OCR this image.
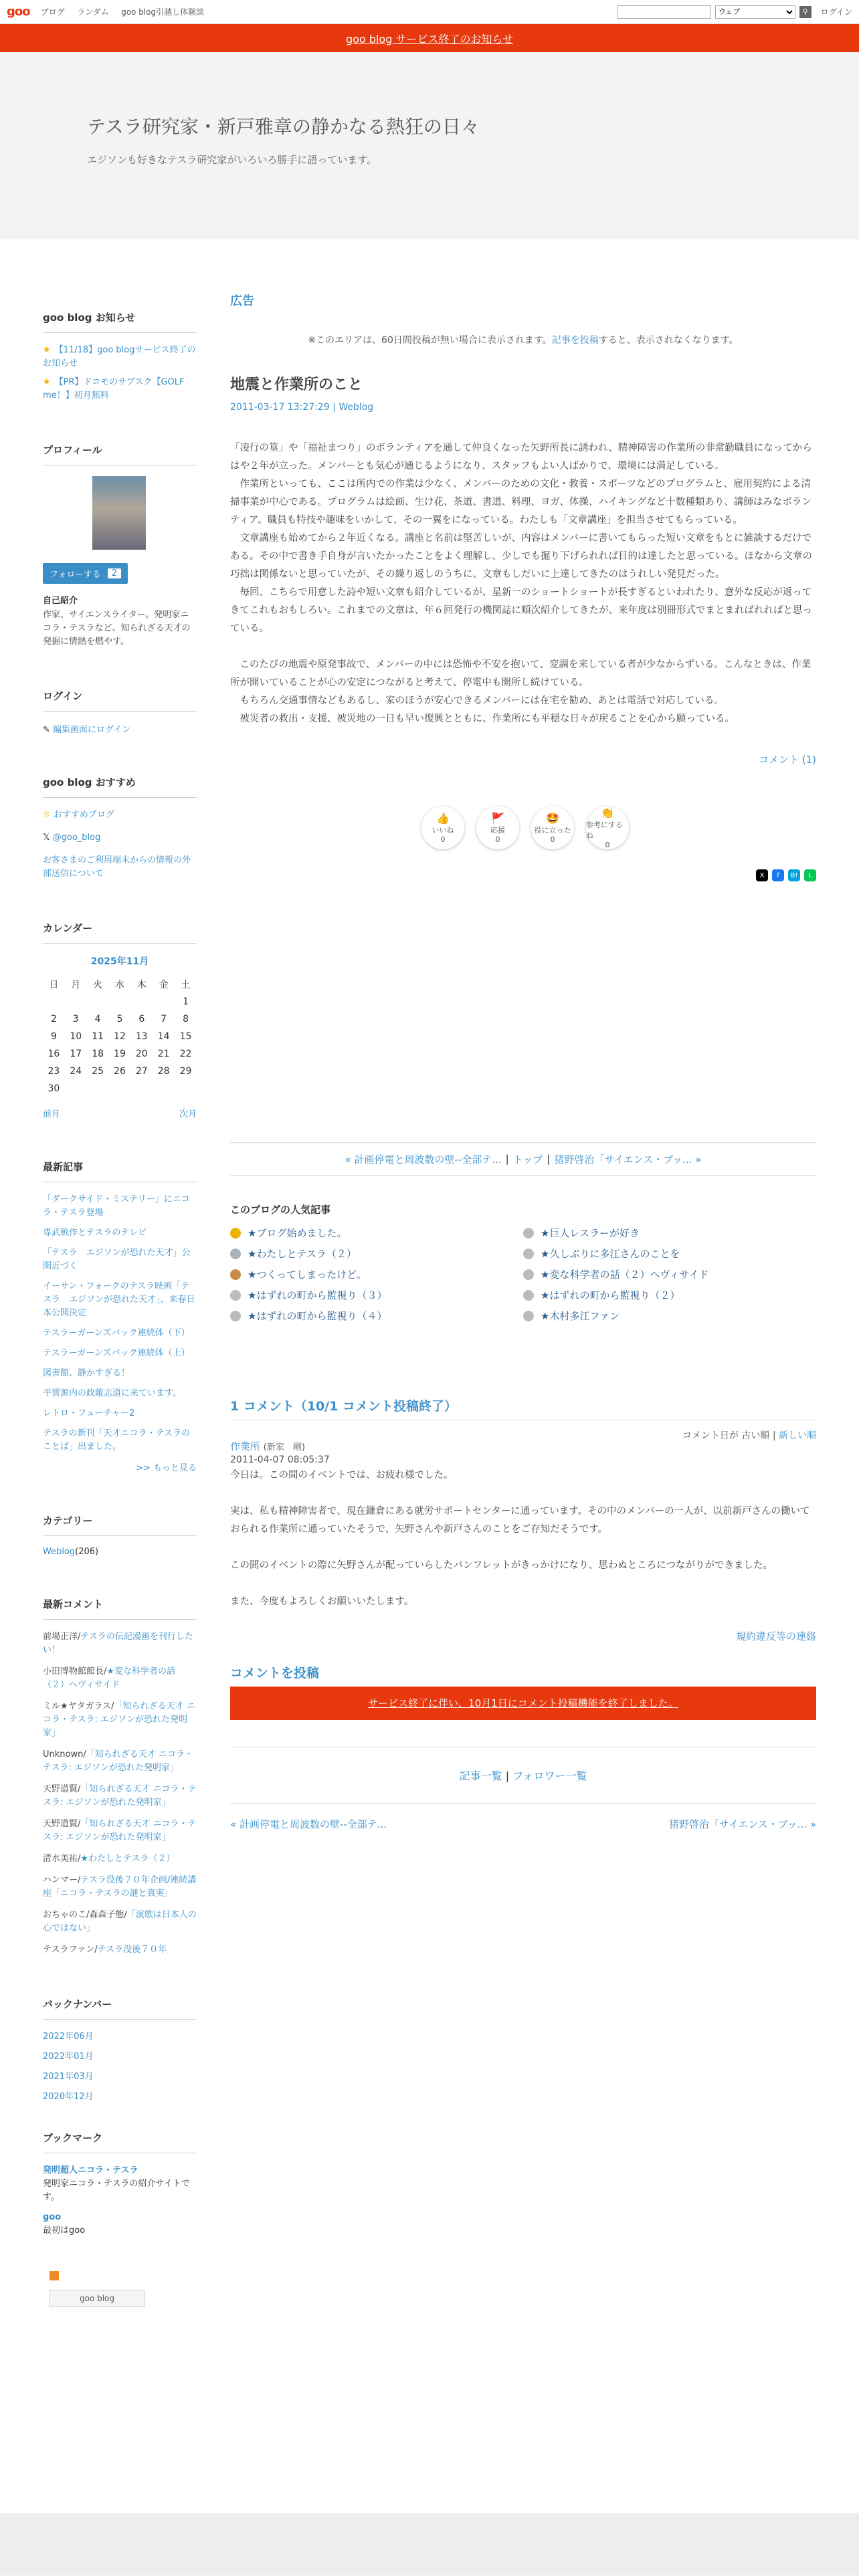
goo ブログ ランダム goo blog引越し体験談
ウェブ	⚲	ログイン
goo blog サービス終了のお知らせ
テスラ研究家・新戸雅章の静かなる熱狂の日々
エジソンも好きなテスラ研究家がいろいろ勝手に語っています。
goo blog お知らせ
★ 【11/18】goo blogサービス終了のお知らせ
★ 【PR】ドコモのサブスク【GOLF me！】初月無料
プロフィール
フォローする	2
自己紹介
作家、サイエンスライター。発明家ニコラ・テスラなど、知られざる天才の発掘に情熱を燃やす。
ログイン
✎ 編集画面にログイン
goo blog おすすめ
☼ おすすめブログ
𝕏 @goo_blog
お客さまのご利用端末からの情報の外部送信について
カレンダー
2025年11月
日	月	火	水	木	金	土
						1
2	3	4	5	6	7	8
9	10	11	12	13	14	15
16	17	18	19	20	21	22
23	24	25	26	27	28	29
30						
前月	次月
最新記事
「ダークサイド・ミステリー」にニコラ・テスラ登場
専武戦作とテスラのテレビ
「テスラ　エジソンが恐れた天才」公開近づく
イーサン・フォークのテスラ映画「テスラ　エジソンが恐れた天才」、来春日本公開決定
テスラーガーンズバック連続体（下）
テスラーガーンズバック連続体（上）
図書館、静かすぎる！
平賀源内の政敵志道に来ています。
レトロ・フューチャー2
テスラの新刊「天才ニコラ・テスラのことば」出ました。
>> もっと見る
カテゴリー
Weblog(206)
最新コメント
前場正洋/テスラの伝記漫画を刊行したい！
小田博物館館長/★変な科学者の話（２）ヘヴィサイド
ミル★ヤタガラス/「知られざる天才 ニコラ・テスラ: エジソンが恐れた発明家」
Unknown/「知られざる天才 ニコラ・テスラ: エジソンが恐れた発明家」
天野道賢/「知られざる天才 ニコラ・テスラ: エジソンが恐れた発明家」
天野道賢/「知られざる天才 ニコラ・テスラ: エジソンが恐れた発明家」
清水美祐/★わたしとテスラ（２）
ハンマー/テスラ没後７０年企画/連続講座「ニコラ・テスラの謎と真実」
おちゃのこ/森森子態/「演歌は日本人の心ではない」
テスラファン/テスラ没後７０年
バックナンバー
2022年06月
2022年01月
2021年03月
2020年12月
ブックマーク
発明超人ニコラ・テスラ
発明家ニコラ・テスラの紹介サイトです。
goo
最初はgoo
goo blog
広告
※このエリアは、60日間投稿が無い場合に表示されます。記事を投稿すると、表示されなくなります。
地震と作業所のこと
2011-03-17 13:27:29 | Weblog

「凌行の篁」や「福祉まつり」のボランティアを通して仲良くなった矢野所長に誘われ、精神障害の作業所の非常勤職員になってからはや２年が立った。メンバーとも気心が通じるようになり、スタッフもよい人ばかりで、環境には満足している。

　作業所といっても、ここは所内での作業は少なく、メンバーのための文化・教養・スポーツなどのプログラムと、雇用契約による清掃事業が中心である。プログラムは絵画、生け花、茶道、書道、料理、ヨガ、体操、ハイキングなど十数種類あり、講師はみなボランティア。職員も特技や趣味をいかして、その一翼をになっている。わたしも「文章講座」を担当させてもらっている。

　文章講座も始めてから２年近くなる。講座と名前は堅苦しいが、内容はメンバーに書いてもらった短い文章をもとに雑談するだけである。その中で書き手自身が言いたかったことをよく理解し、少しでも掘り下げられれば目的は達したと思っている。ほなから文章の巧拙は関係ないと思っていたが、その繰り返しのうちに、文章もしだいに上達してきたのはうれしい発見だった。

　毎回、こちらで用意した詩や短い文章も紹介しているが、星新一のショートショートが長すぎるといわれたり、意外な反応が返ってきてこれもおもしろい。これまでの文章は、年６回発行の機関誌に順次紹介してきたが、来年度は別冊形式でまとまればれればと思っている。

　このたびの地震や原発事故で、メンバーの中には恐怖や不安を抱いて、変調を来している者が少なからずいる。こんなときは、作業所が開いていることが心の安定につながると考えて、停電中も開所し続けている。

　もちろん交通事情などもあるし、家のほうが安心できるメンバーには在宅を勧め、あとは電話で対応している。

　被災者の救出・支援、被災地の一日も早い復興とともに、作業所にも平穏な日々が戻ることを心から願っている。

コメント (1)
👍
いいね
0
🚩
応援
0
🤩
役に立った
0
👏
参考にするね
0
X	f	B!	L
« 計画停電と周波数の壁--全部テ... | トップ | 猪野啓治「サイエンス・ブッ... »
このブログの人気記事
★ブログ始めました。	★巨人レスラーが好き
★わたしとテスラ（２）	★久しぶりに多江さんのことを
★つくってしまったけど。	★変な科学者の話（２）ヘヴィサイド
★はずれの町から監視り（３）	★はずれの町から監視り（２）
★はずれの町から監視り（４）	★木村多江ファン
1 コメント（10/1 コメント投稿終了）
コメント日が 古い順 | 新しい順
作業所 (新家　剛)
2011-04-07 08:05:37

今日は。この間のイベントでは、お疲れ様でした。

実は、私も精神障害者で、現在鎌倉にある就労サポートセンターに通っています。その中のメンバーの一人が、以前新戸さんの働いておられる作業所に通っていたそうで、矢野さんや新戸さんのことをご存知だそうです。

この間のイベントの際に矢野さんが配っていらしたパンフレットがきっかけになり、思わぬところにつながりができました。

また、今度もよろしくお願いいたします。

規約違反等の連絡
コメントを投稿
サービス終了に伴い、10月1日にコメント投稿機能を終了しました。
記事一覧 | フォロワー一覧
« 計画停電と周波数の壁--全部テ...	猪野啓治「サイエンス・ブッ... »
